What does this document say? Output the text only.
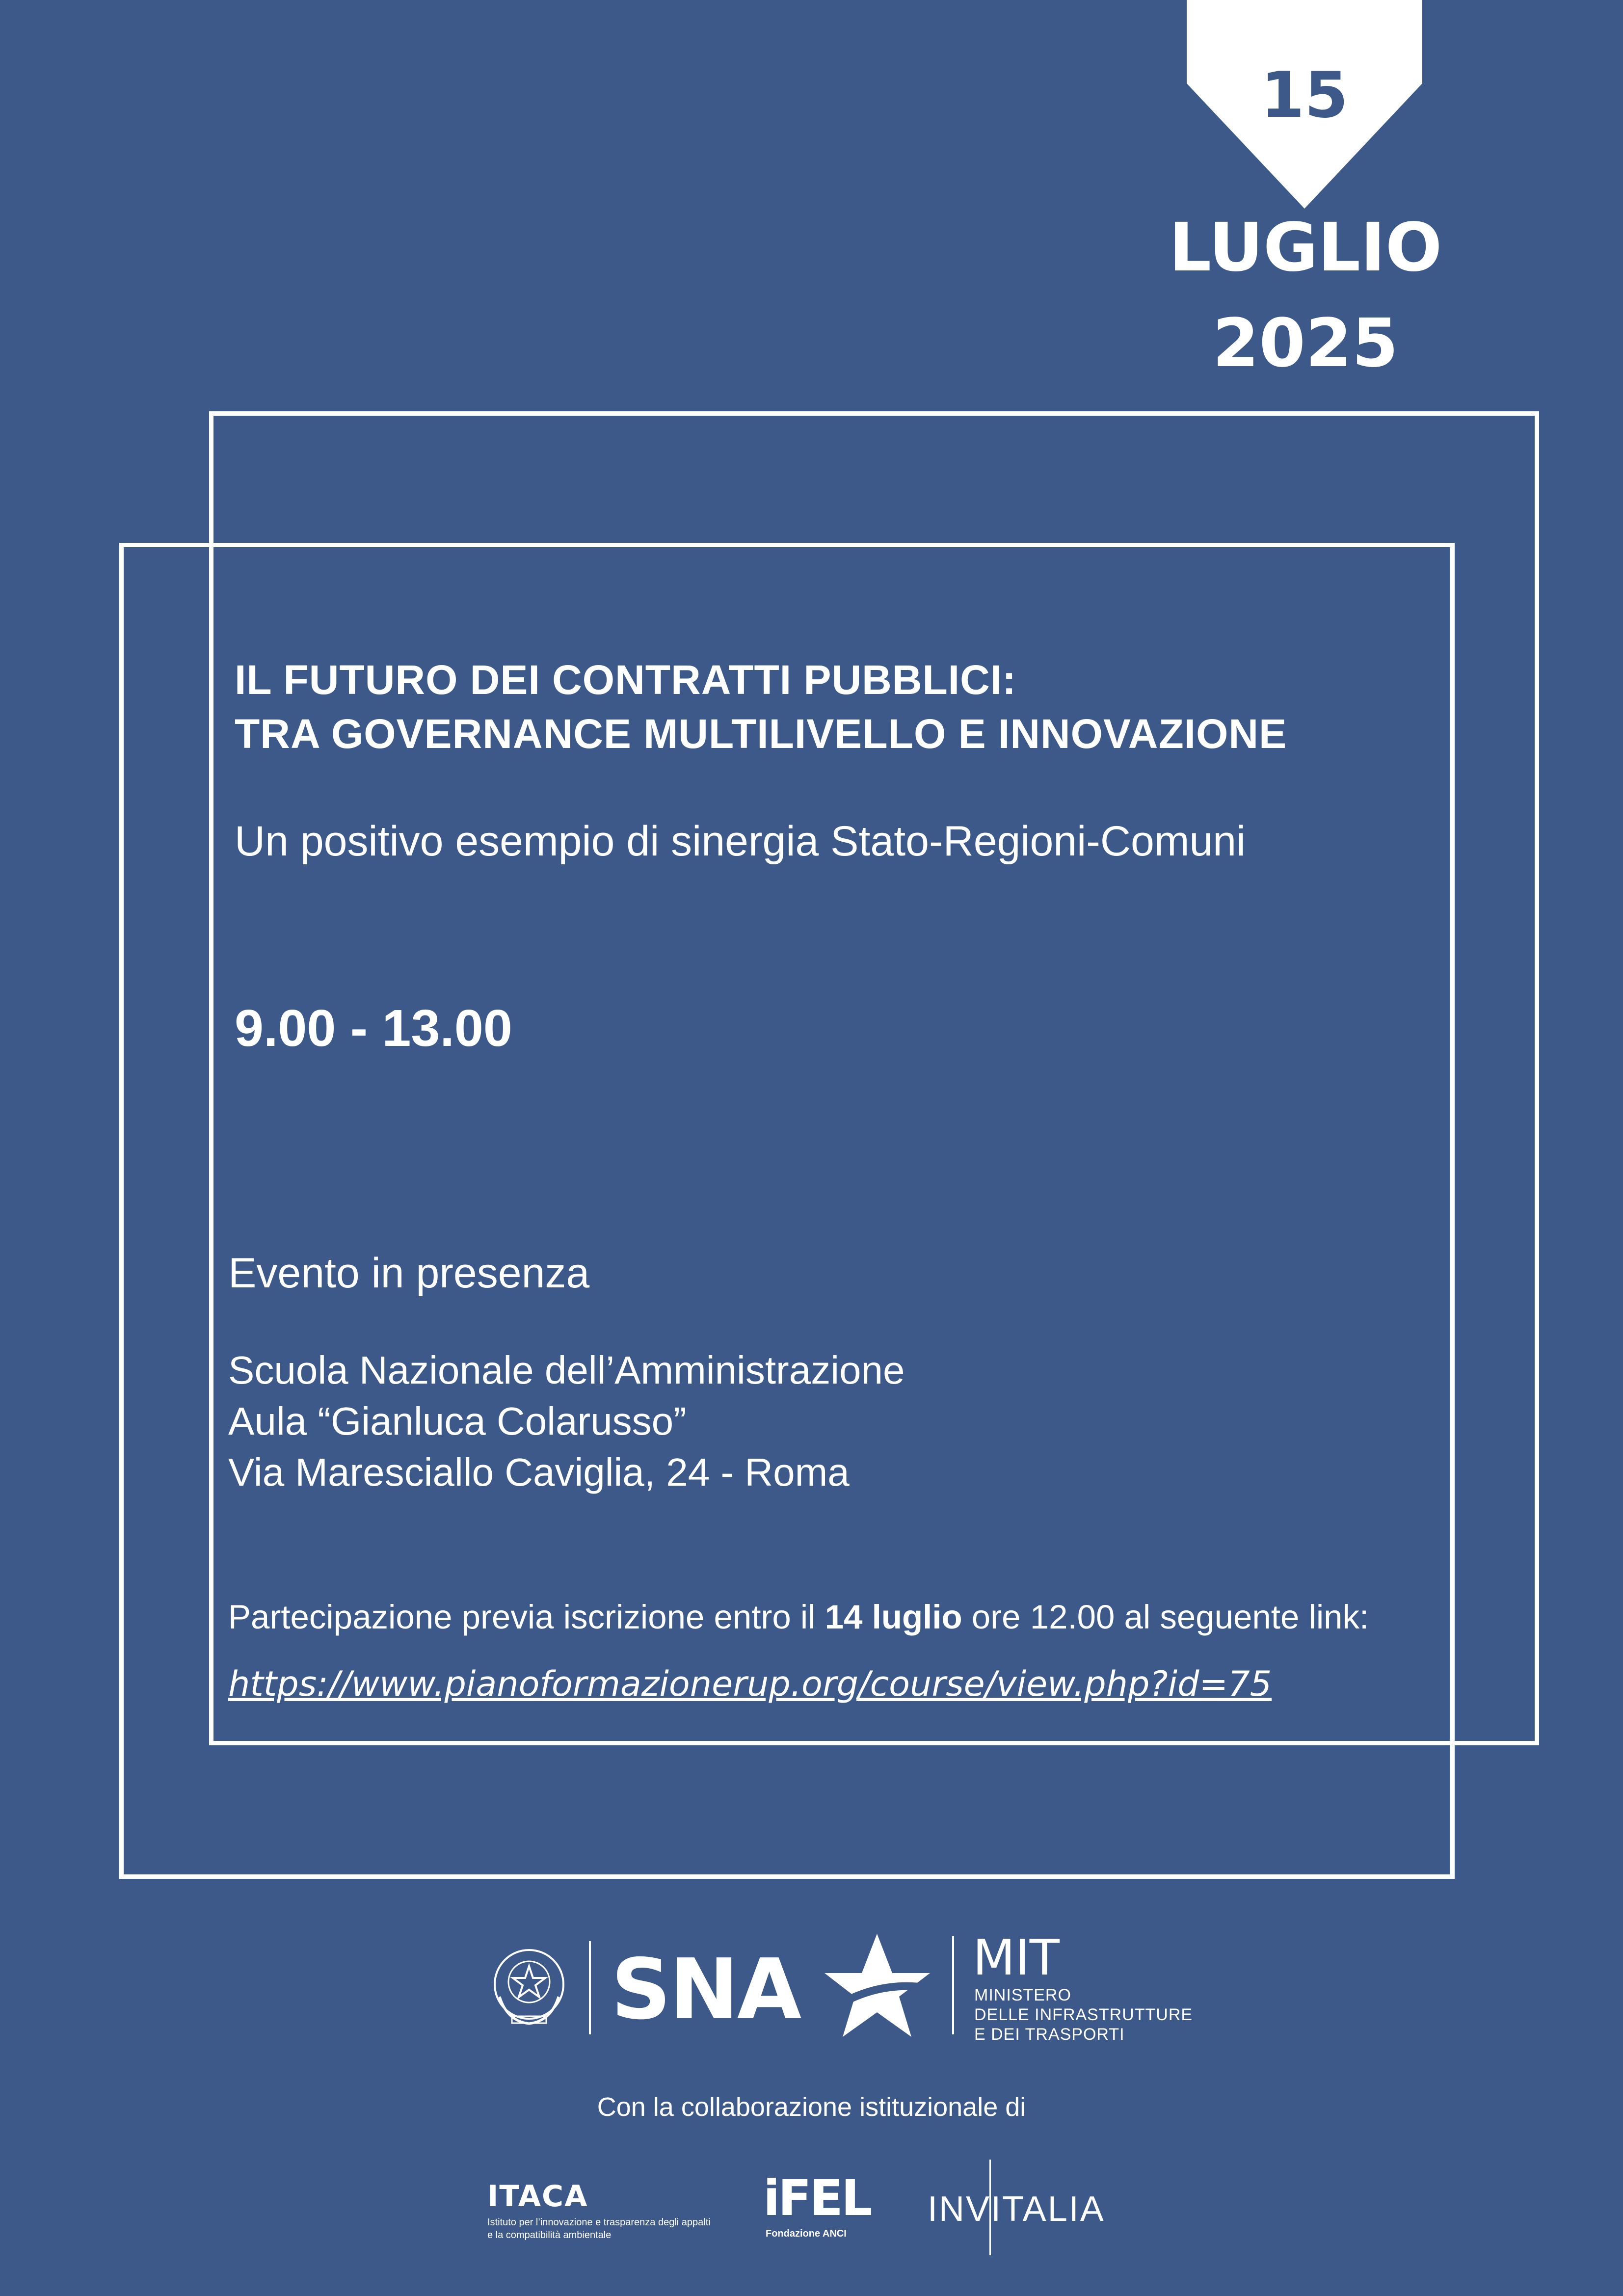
15
LUGLIO
2025
IL FUTURO DEI CONTRATTI PUBBLICI:
TRA GOVERNANCE MULTILIVELLO E INNOVAZIONE
Un positivo esempio di sinergia Stato-Regioni-Comuni
9.00 - 13.00
Evento in presenza
Scuola Nazionale dell’Amministrazione
Aula “Gianluca Colarusso”
Via Maresciallo Caviglia, 24 - Roma
Partecipazione previa iscrizione entro il 14 luglio ore 12.00 al seguente link:
https://www.pianoformazionerup.org/course/view.php?id=75
SNA	MIT
MINISTERO
DELLE INFRASTRUTTURE
E DEI TRASPORTI
Con la collaborazione istituzionale di
ITACA
Istituto per l’innovazione e trasparenza degli appalti
e la compatibilità ambientale
iFEL
Fondazione ANCI
INVITALIA
